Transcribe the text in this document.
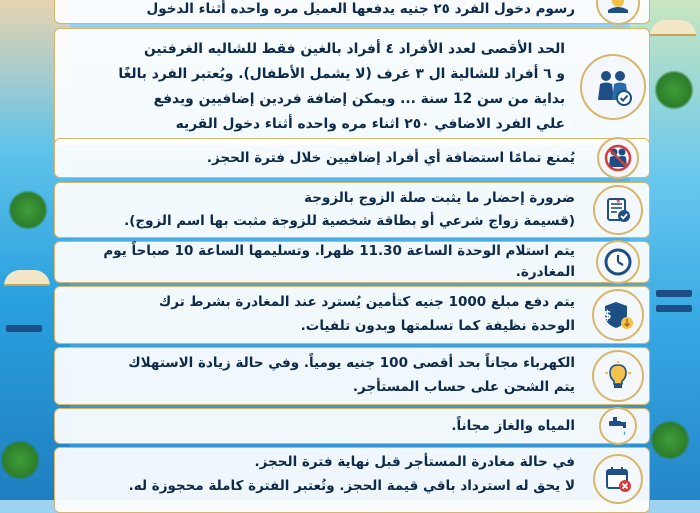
رسوم دخول الفرد ٢٥ جنيه يدفعها العميل مره واحده أثناء الدخول

الحد الأقصى لعدد الأفراد ٤ أفراد بالغين فقط للشاليه الغرفتين

و ٦ أفراد للشالية ال ٣ غرف (لا يشمل الأطفال). ويُعتبر الفرد بالغًا

بداية من سن 12 سنة ... ويمكن إضافة فردين إضافيين ويدفع

علي الفرد الاضافي ٢٥٠ اثناء مره واحده أثناء دخول القريه

يُمنع تمامًا استضافة أي أفراد إضافيين خلال فترة الحجز.

★

ضرورة إحضار ما يثبت صلة الزوج بالزوجة

(قسيمة زواج شرعي أو بطاقة شخصية للزوجة مثبت بها اسم الزوج).

يتم استلام الوحدة الساعة 11.30 ظهرا. وتسليمها الساعة 10 صباحاً يوم المغادرة.

$

يتم دفع مبلغ 1000 جنيه كتأمين يُسترد عند المغادرة بشرط ترك

الوحدة نظيفة كما تسلمتها وبدون تلفيات.

الكهرباء مجاناً بحد أقصى 100 جنيه يومياً. وفي حالة زيادة الاستهلاك

يتم الشحن على حساب المستأجر.

المياه والغاز مجاناً.

في حالة مغادرة المستأجر قبل نهاية فترة الحجز.

لا يحق له استرداد باقي قيمة الحجز. وتُعتبر الفترة كاملة محجوزة له.
